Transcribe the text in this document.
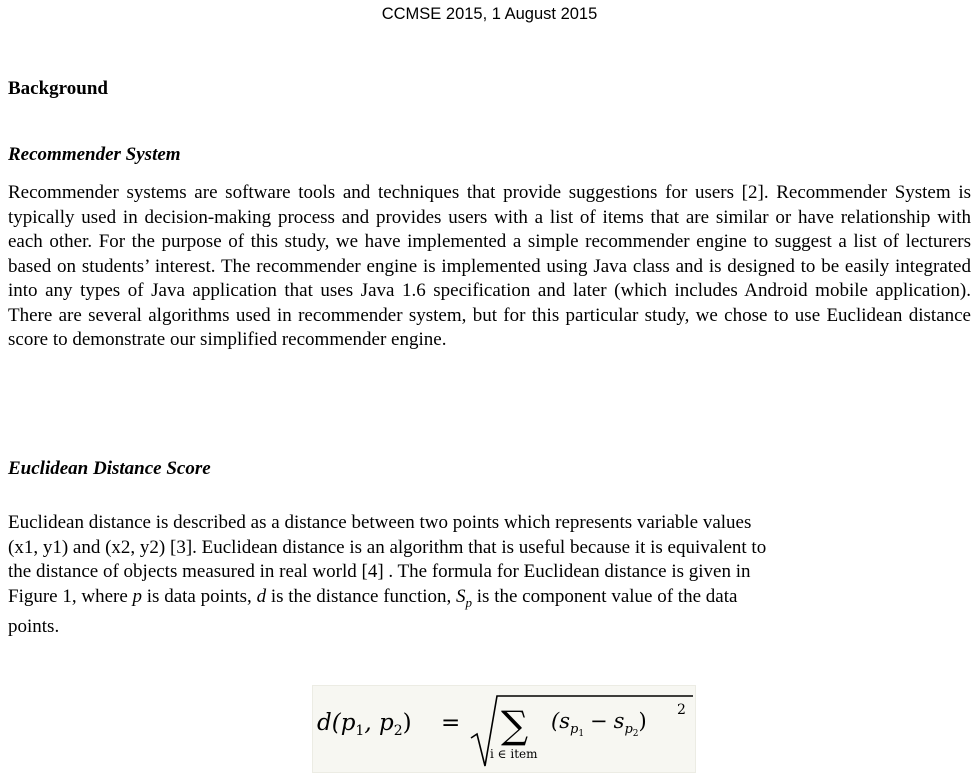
CCMSE 2015, 1 August 2015
Background
Recommender System

Recommender systems are software tools and techniques that provide suggestions for users [2]. Recommender System is typically used in decision-making process and provides users with a list of items that are similar or have relationship with each other. For the purpose of this study, we have implemented a simple recommender engine to suggest a list of lecturers based on students’ interest. The recommender engine is implemented using Java class and is designed to be easily integrated into any types of Java application that uses Java 1.6 specification and later (which includes Android mobile application). There are several algorithms used in recommender system, but for this particular study, we chose to use Euclidean distance score to demonstrate our simplified recommender engine.

Euclidean Distance Score
Euclidean distance is described as a distance between two points which represents variable values
(x1, y1) and (x2, y2) [3]. Euclidean distance is an algorithm that is useful because it is equivalent to
the distance of objects measured in real world [4] . The formula for Euclidean distance is given in
Figure 1, where p is data points, d is the distance function, $S_p$ is the component value of the data
points.
$d(p_1$, $p_2$) = ∑
i ∈ item
$(s_p1- s_p2)$ 2
